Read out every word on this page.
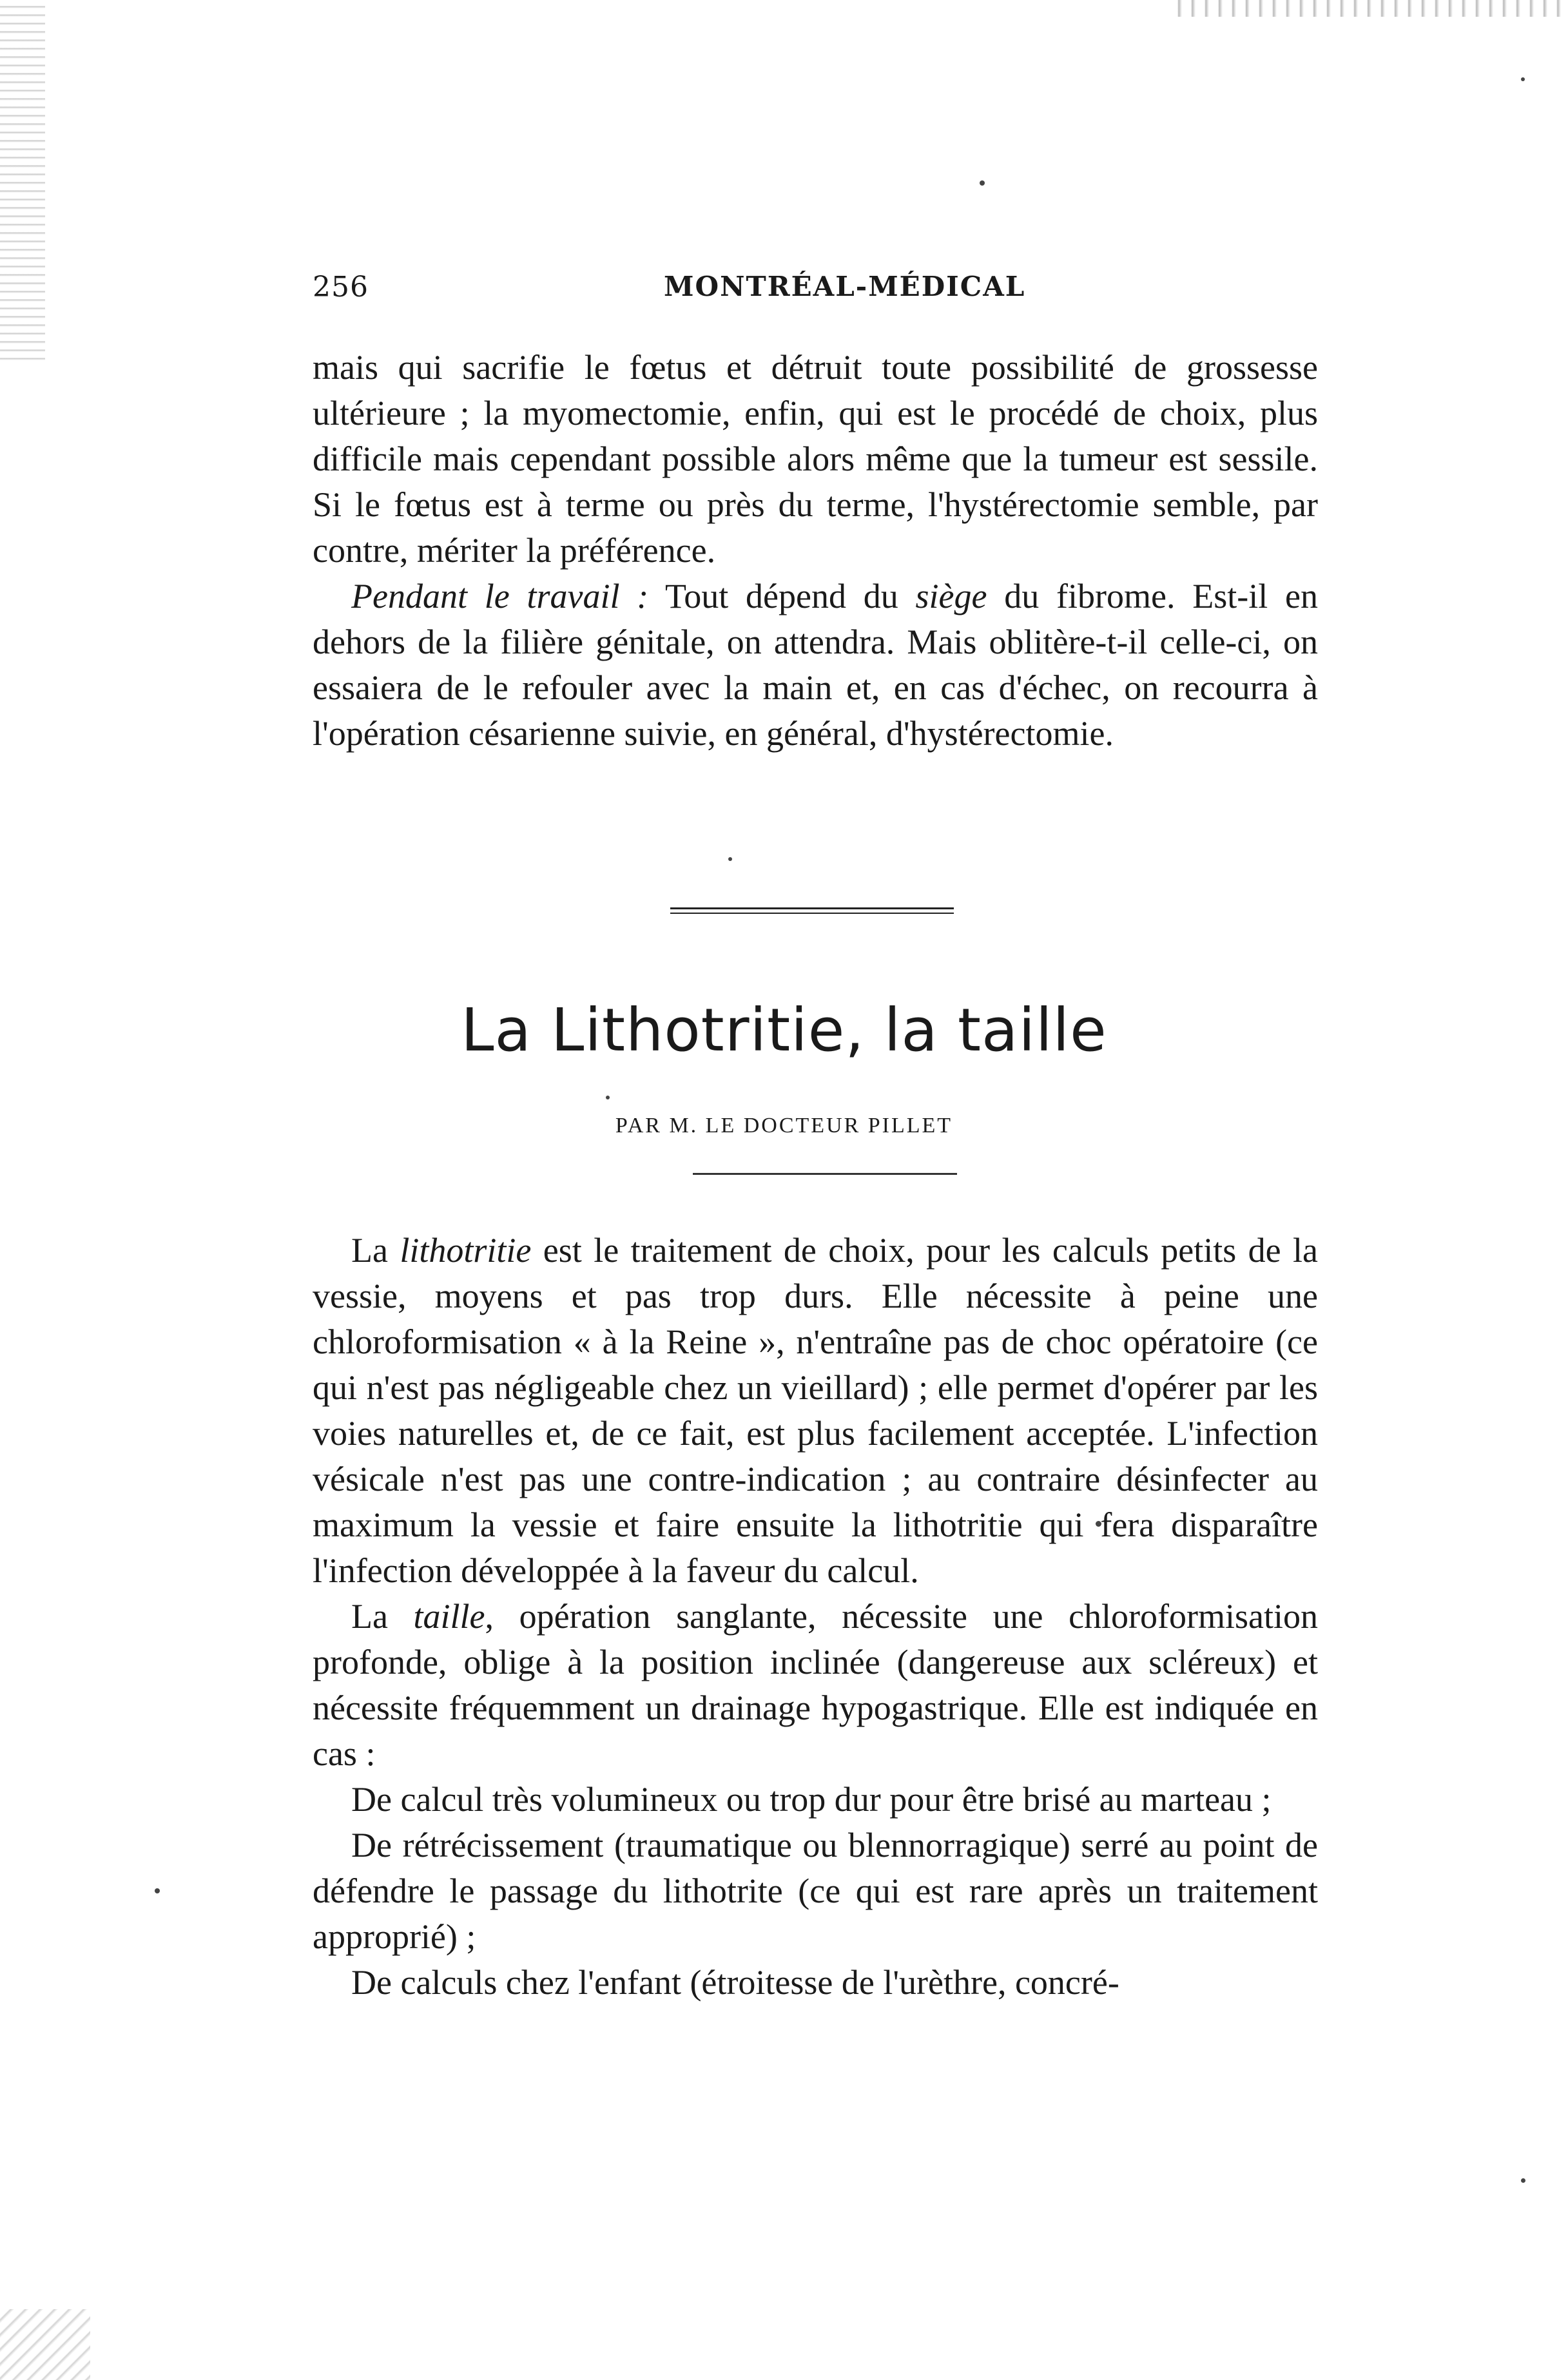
256	MONTRÉAL-MÉDICAL

mais qui sacrifie le fœtus et détruit toute possibilité de grossesse ultérieure ; la myomectomie, enfin, qui est le procédé de choix, plus difficile mais cependant possible alors même que la tumeur est sessile. Si le fœtus est à terme ou près du terme, l'hystérectomie semble, par contre, mériter la préférence.

Pendant le travail : Tout dépend du siège du fibrome. Est-il en dehors de la filière génitale, on attendra. Mais oblitère-t-il celle-ci, on essaiera de le refouler avec la main et, en cas d'échec, on recourra à l'opération césarienne suivie, en général, d'hystérectomie.

La Lithotritie, la taille
PAR M. LE DOCTEUR PILLET

La lithotritie est le traitement de choix, pour les calculs petits de la vessie, moyens et pas trop durs. Elle nécessite à peine une chloroformisation « à la Reine », n'entraîne pas de choc opératoire (ce qui n'est pas négligeable chez un vieillard) ; elle permet d'opérer par les voies naturelles et, de ce fait, est plus facilement acceptée. L'infection vésicale n'est pas une contre-indication ; au contraire désinfecter au maximum la vessie et faire ensuite la lithotritie qui fera disparaître l'infection développée à la faveur du calcul.

La taille, opération sanglante, nécessite une chloroformisation profonde, oblige à la position inclinée (dangereuse aux scléreux) et nécessite fréquemment un drainage hypogastrique. Elle est indiquée en cas :

De calcul très volumineux ou trop dur pour être brisé au marteau ;

De rétrécissement (traumatique ou blennorragique) serré au point de défendre le passage du lithotrite (ce qui est rare après un traitement approprié) ;

De calculs chez l'enfant (étroitesse de l'urèthre, concré-
